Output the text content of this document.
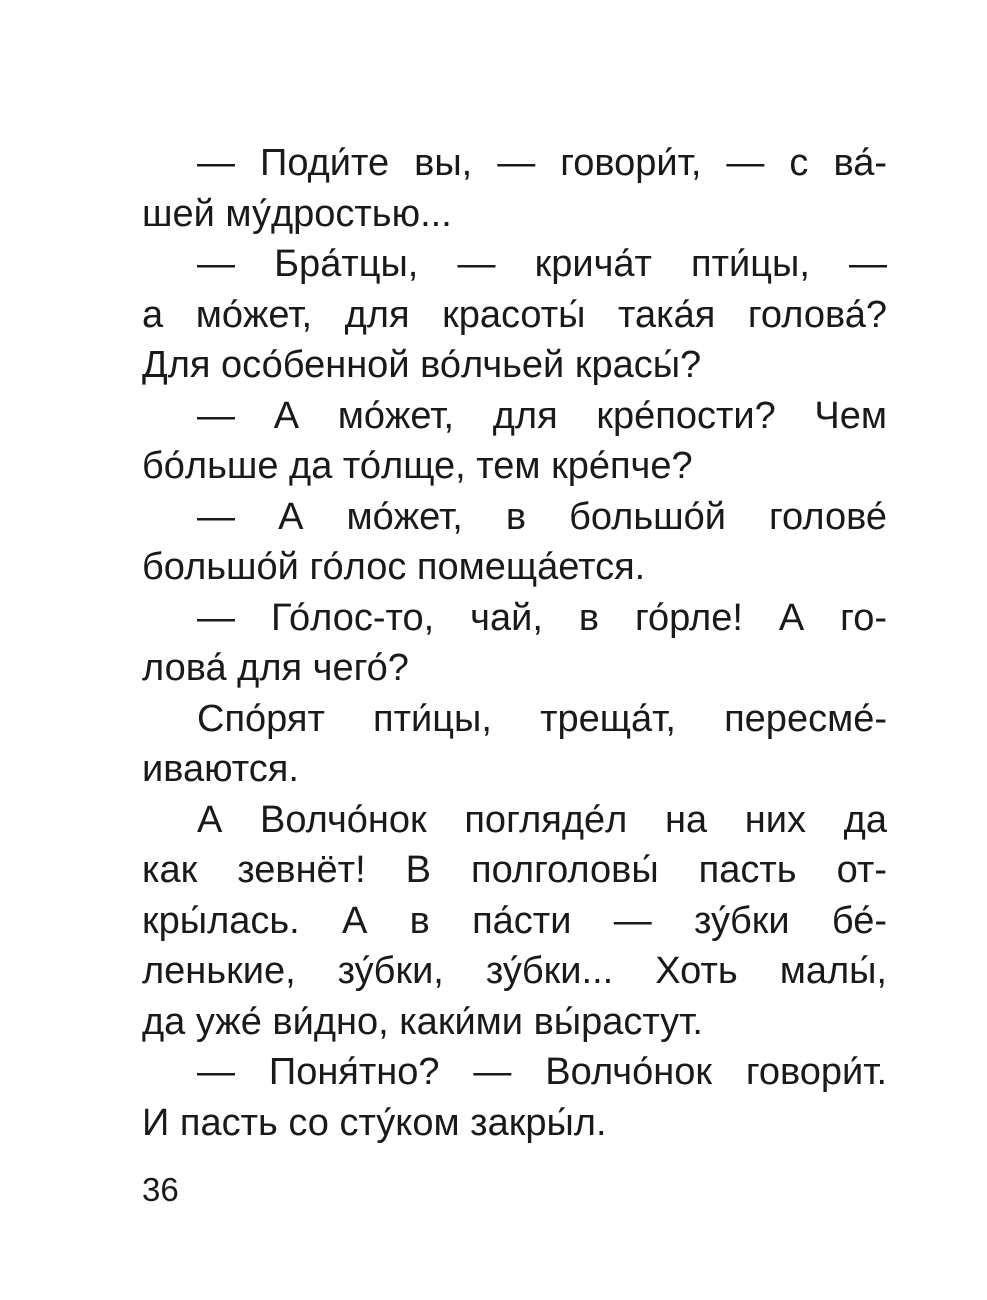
— Поди́те вы, — говори́т, — с ва́-
шей му́дростью...
— Бра́тцы, — крича́т пти́цы, —
а мо́жет, для красоты́ така́я голова́?
Для осо́бенной во́лчьей красы́?
— А мо́жет, для кре́пости? Чем
бо́льше да то́лще, тем кре́пче?
— А мо́жет, в большо́й голове́
большо́й го́лос помеща́ется.
— Го́лос-то, чай, в го́рле! А го-
лова́ для чего́?
Спо́рят пти́цы, треща́т, пересме́-
иваются.
А Волчо́нок погляде́л на них да
как зевнёт! В полголовы́ пасть от-
кры́лась. А в па́сти — зу́бки бе́-
ленькие, зу́бки, зу́бки... Хоть малы́,
да уже́ ви́дно, каки́ми вы́растут.
— Поня́тно? — Волчо́нок говори́т.
И пасть со сту́ком закры́л.
36
